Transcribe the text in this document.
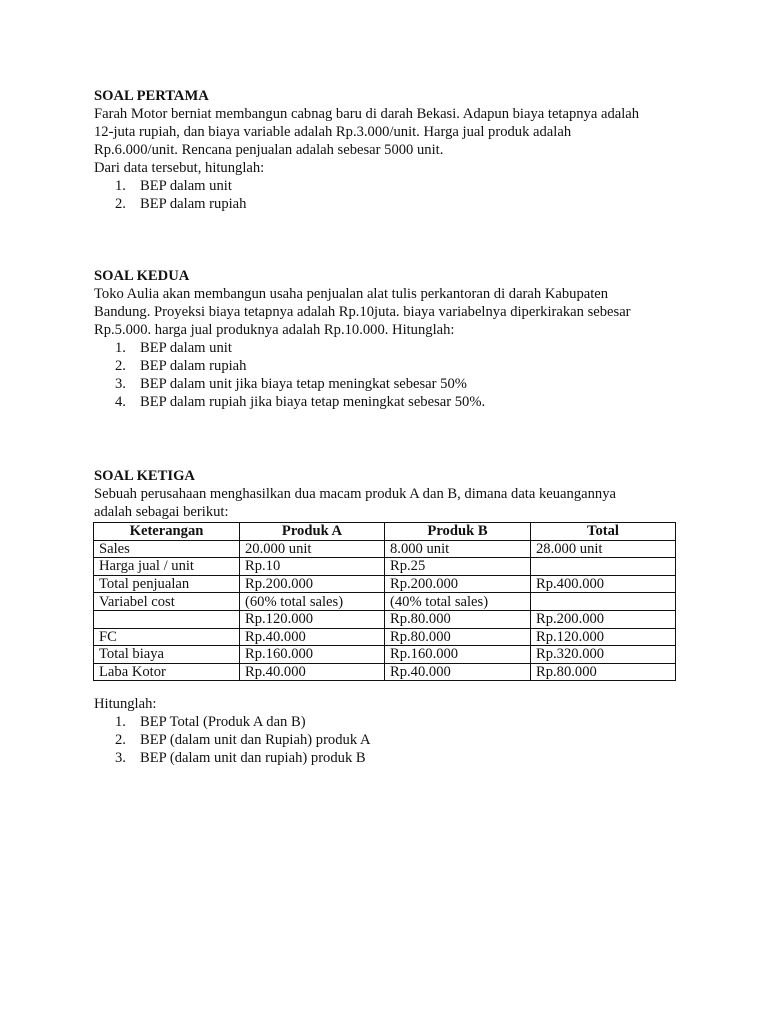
SOAL PERTAMA
Farah Motor berniat membangun cabnag baru di darah Bekasi. Adapun biaya tetapnya adalah
12-juta rupiah, dan biaya variable adalah Rp.3.000/unit. Harga jual produk adalah
Rp.6.000/unit. Rencana penjualan adalah sebesar 5000 unit.
Dari data tersebut, hitunglah:
1. BEP dalam unit
2. BEP dalam rupiah
SOAL KEDUA
Toko Aulia akan membangun usaha penjualan alat tulis perkantoran di darah Kabupaten
Bandung. Proyeksi biaya tetapnya adalah Rp.10juta. biaya variabelnya diperkirakan sebesar
Rp.5.000. harga jual produknya adalah Rp.10.000. Hitunglah:
1. BEP dalam unit
2. BEP dalam rupiah
3. BEP dalam unit jika biaya tetap meningkat sebesar 50%
4. BEP dalam rupiah jika biaya tetap meningkat sebesar 50%.
SOAL KETIGA
Sebuah perusahaan menghasilkan dua macam produk A dan B, dimana data keuangannya
adalah sebagai berikut:
Keterangan	Produk A	Produk B	Total
Sales	20.000 unit	8.000 unit	28.000 unit
Harga jual / unit	Rp.10	Rp.25	
Total penjualan	Rp.200.000	Rp.200.000	Rp.400.000
Variabel cost	(60% total sales)	(40% total sales)	
	Rp.120.000	Rp.80.000	Rp.200.000
FC	Rp.40.000	Rp.80.000	Rp.120.000
Total biaya	Rp.160.000	Rp.160.000	Rp.320.000
Laba Kotor	Rp.40.000	Rp.40.000	Rp.80.000
Hitunglah:
1. BEP Total (Produk A dan B)
2. BEP (dalam unit dan Rupiah) produk A
3. BEP (dalam unit dan rupiah) produk B
